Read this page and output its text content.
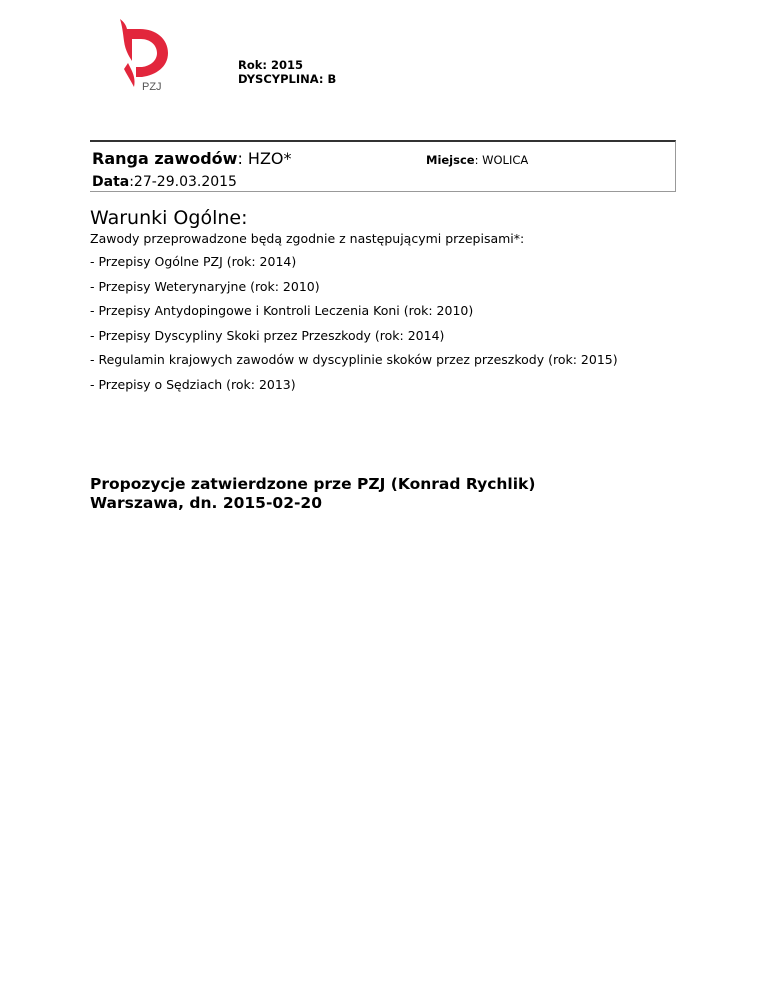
PZJ
Rok: 2015
DYSCYPLINA: B
Ranga zawodów: HZO*
Data:27-29.03.2015
Miejsce: WOLICA
Warunki Ogólne:
Zawody przeprowadzone będą zgodnie z następującymi przepisami*:
- Przepisy Ogólne PZJ (rok: 2014)
- Przepisy Weterynaryjne (rok: 2010)
- Przepisy Antydopingowe i Kontroli Leczenia Koni (rok: 2010)
- Przepisy Dyscypliny Skoki przez Przeszkody (rok: 2014)
- Regulamin krajowych zawodów w dyscyplinie skoków przez przeszkody (rok: 2015)
- Przepisy o Sędziach (rok: 2013)
Propozycje zatwierdzone prze PZJ (Konrad Rychlik)
Warszawa, dn. 2015-02-20
